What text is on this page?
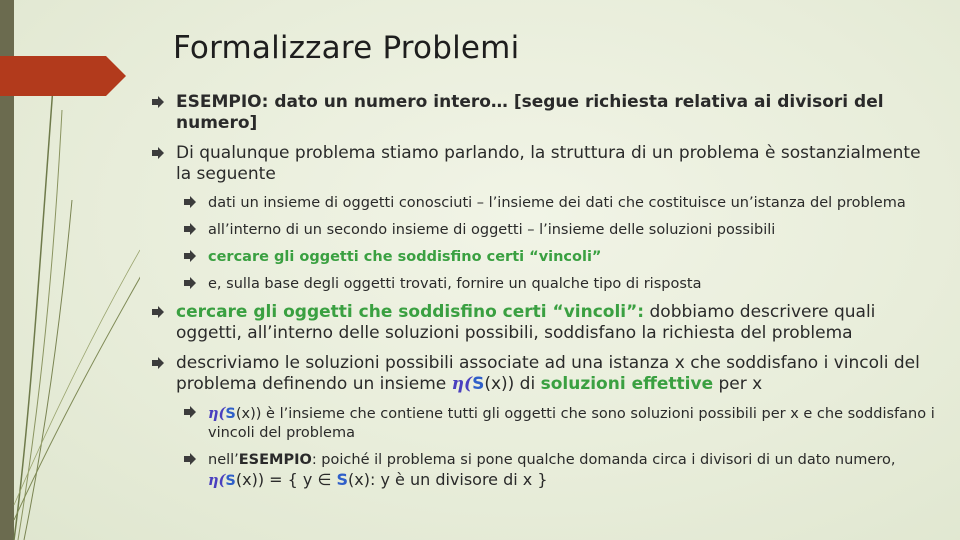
Formalizzare Problemi
ESEMPIO: dato un numero intero… [segue richiesta relativa ai divisori del numero]
Di qualunque problema stiamo parlando, la struttura di un problema è sostanzialmente la seguente
dati un insieme di oggetti conosciuti – l’insieme dei dati che costituisce un’istanza del problema
all’interno di un secondo insieme di oggetti – l’insieme delle soluzioni possibili
cercare gli oggetti che soddisfino certi “vincoli”
e, sulla base degli oggetti trovati, fornire un qualche tipo di risposta
cercare gli oggetti che soddisfino certi “vincoli”: dobbiamo descrivere quali oggetti, all’interno delle soluzioni possibili, soddisfano la richiesta del problema
descriviamo le soluzioni possibili associate ad una istanza x che soddisfano i vincoli del problema definendo un insieme η(S(x)) di soluzioni effettive per x
η(S(x)) è l’insieme che contiene tutti gli oggetti che sono soluzioni possibili per x e che soddisfano i vincoli del problema
nell’ESEMPIO: poiché il problema si pone qualche domanda circa i divisori di un dato numero, η(S(x)) = { y ∈ S(x): y è un divisore di x }
